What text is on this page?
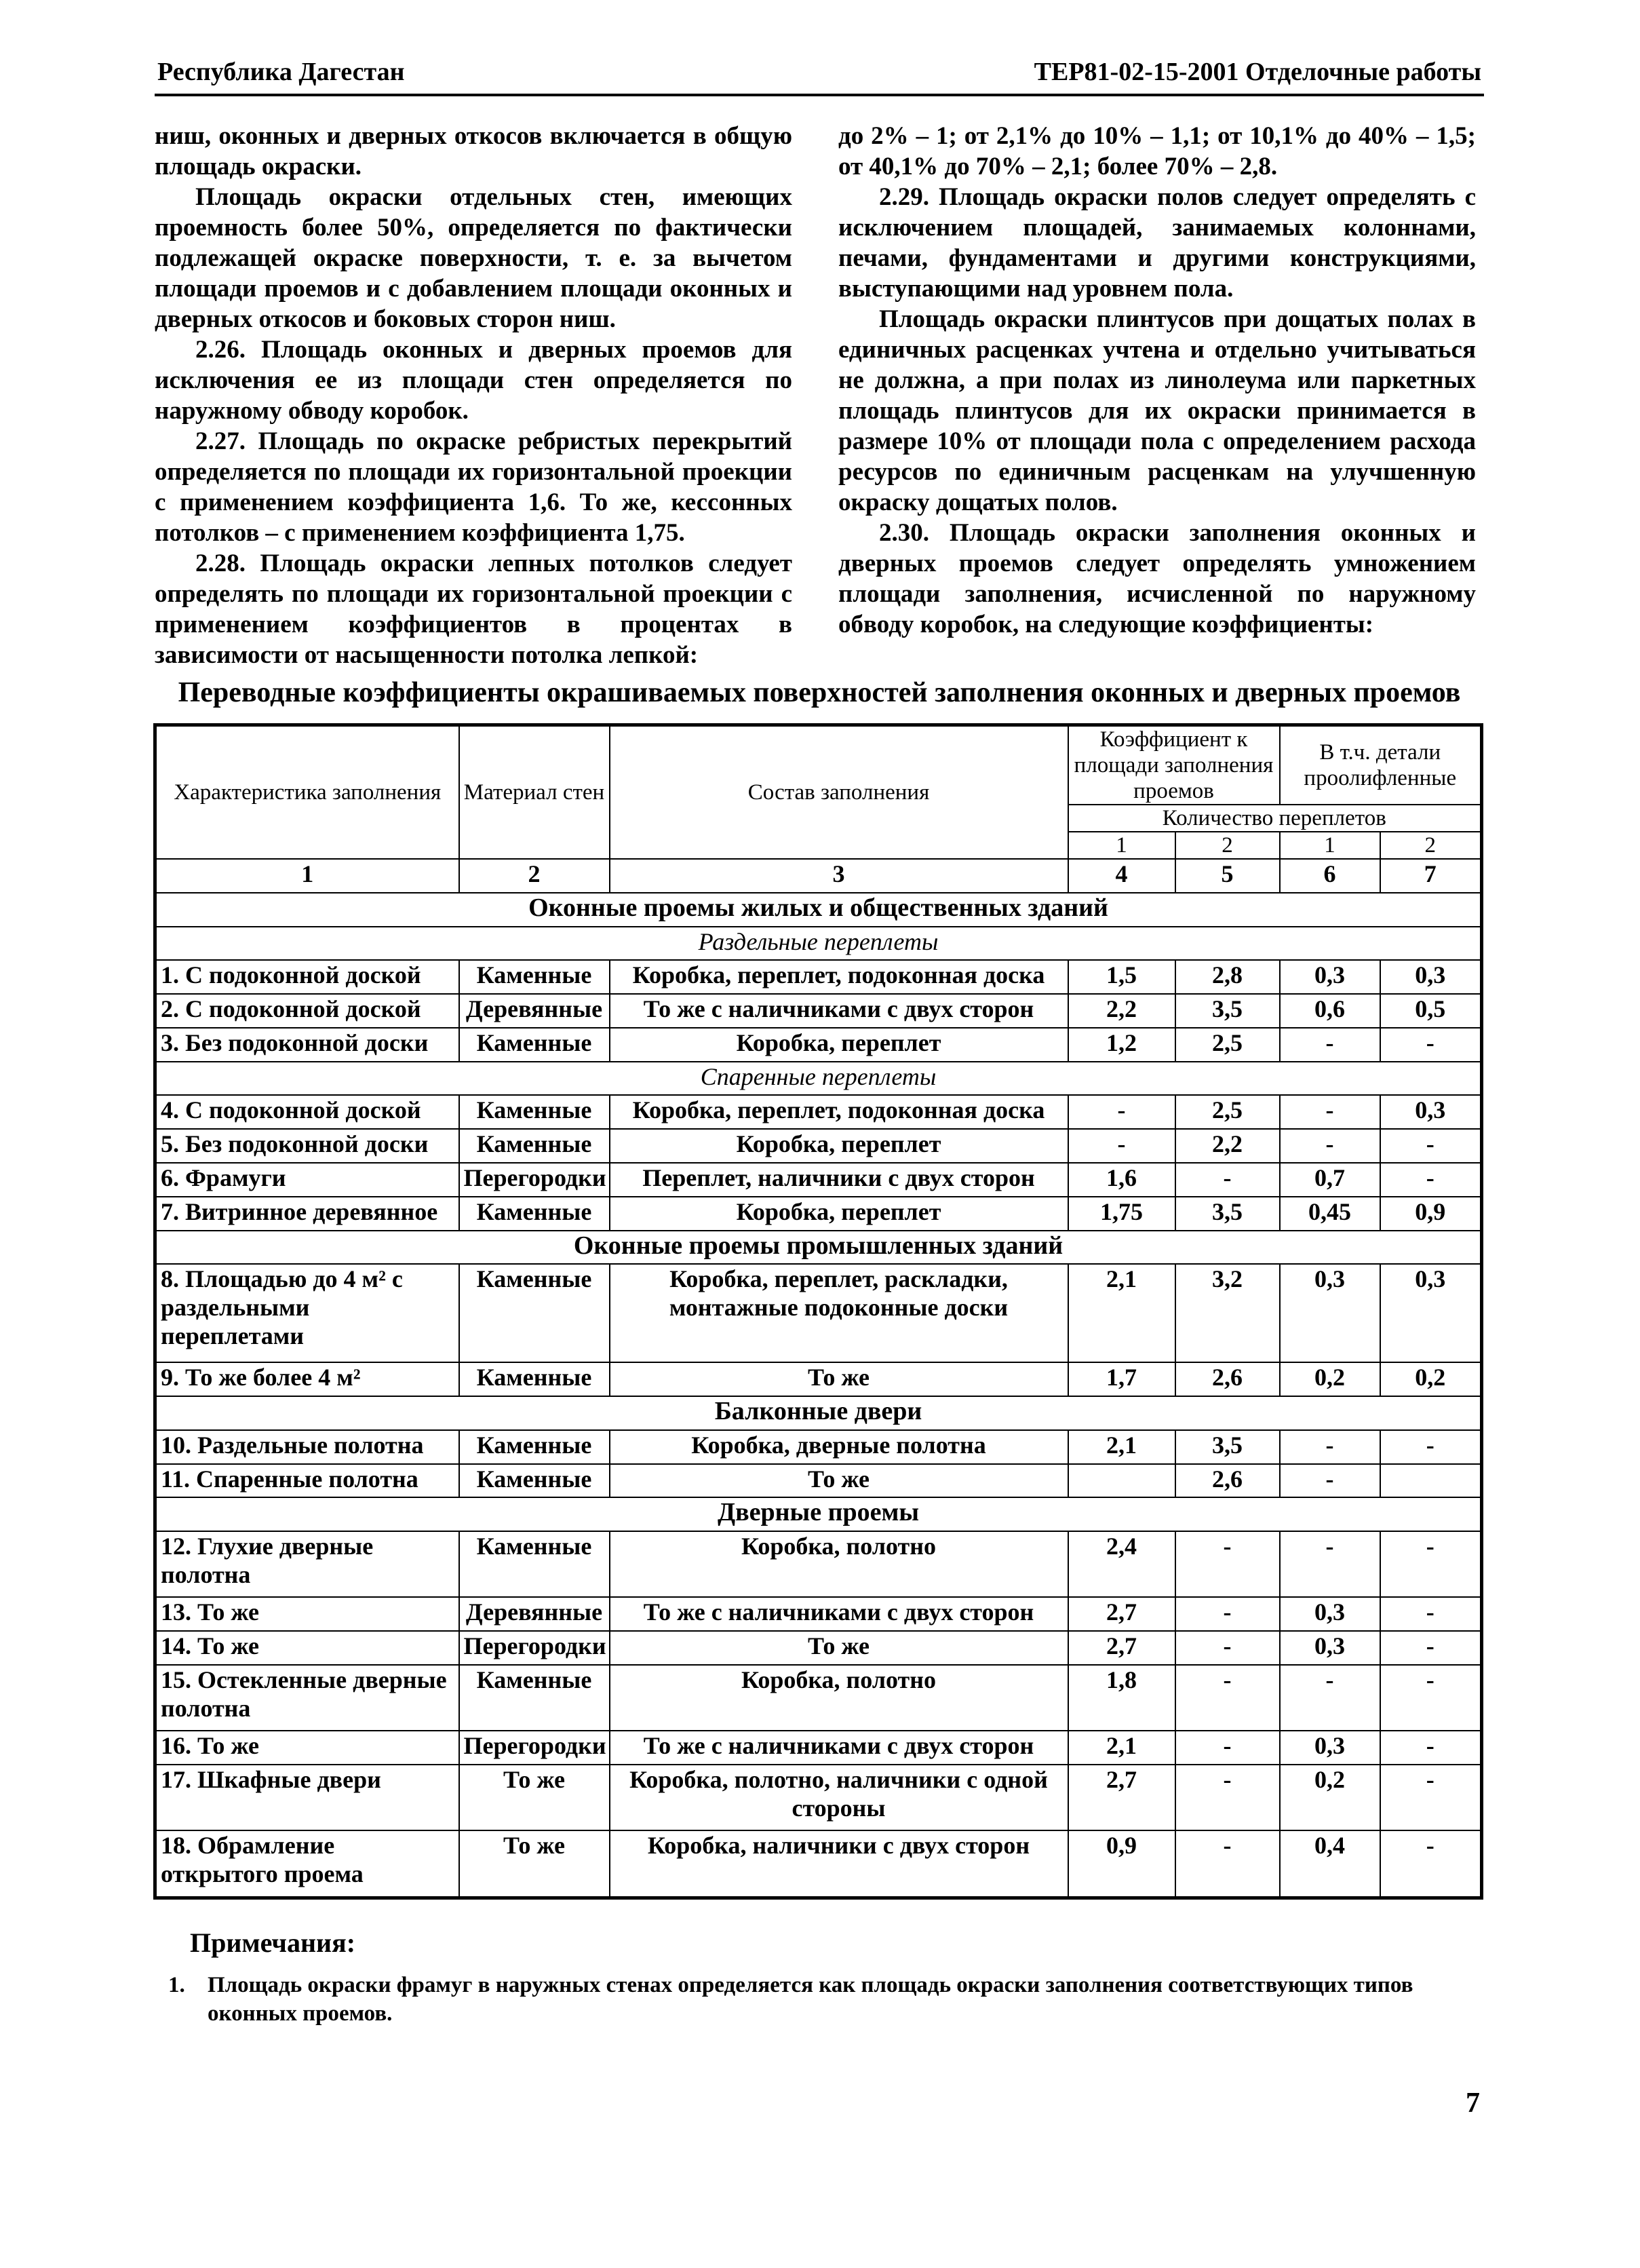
Республика Дагестан	ТЕР81-02-15-2001 Отделочные работы

ниш, оконных и дверных откосов включается в общую площадь окраски.

Площадь окраски отдельных стен, имеющих проемность более 50%, определяется по фактически подлежащей окраске поверхности, т. е. за вычетом площади проемов и с добавлением площади оконных и дверных откосов и боковых сторон ниш.

2.26. Площадь оконных и дверных проемов для исключения ее из площади стен определяется по наружному обводу коробок.

2.27. Площадь по окраске ребристых перекрытий определяется по площади их горизонтальной проекции с применением коэффициента 1,6. То же, кессонных потолков – с применением коэффициента 1,75.

2.28. Площадь окраски лепных потолков следует определять по площади их горизонтальной проекции с применением коэффициентов в процентах в зависимости от насыщенности потолка лепкой:

до 2% – 1; от 2,1% до 10% – 1,1; от 10,1% до 40% – 1,5; от 40,1% до 70% – 2,1; более 70% – 2,8.

2.29. Площадь окраски полов следует определять с исключением площадей, занимаемых колоннами, печами, фундаментами и другими конструкциями, выступающими над уровнем пола.

Площадь окраски плинтусов при дощатых полах в единичных расценках учтена и отдельно учитываться не должна, а при полах из линолеума или паркетных площадь плинтусов для их окраски принимается в размере 10% от площади пола с определением расхода ресурсов по единичным расценкам на улучшенную окраску дощатых полов.

2.30. Площадь окраски заполнения оконных и дверных проемов следует определять умножением площади заполнения, исчисленной по наружному обводу коробок, на следующие коэффициенты:

Переводные коэффициенты окрашиваемых поверхностей заполнения оконных и дверных проемов
Характеристика заполнения	Материал стен	Состав заполнения	Коэффициент к площади заполнения проемов		В т.ч. детали проолифленные	
			Количество переплетов			
			1	2	1	2
1	2	3	4	5	6	7
Оконные проемы жилых и общественных зданий						
Раздельные переплеты						
1. С подоконной доской	Каменные	Коробка, переплет, подоконная доска	1,5	2,8	0,3	0,3
2. С подоконной доской	Деревянные	То же с наличниками с двух сторон	2,2	3,5	0,6	0,5
3. Без подоконной доски	Каменные	Коробка, переплет	1,2	2,5	-	-
Спаренные переплеты						
4. С подоконной доской	Каменные	Коробка, переплет, подоконная доска	-	2,5	-	0,3
5. Без подоконной доски	Каменные	Коробка, переплет	-	2,2	-	-
6. Фрамуги	Перегородки	Переплет, наличники с двух сторон	1,6	-	0,7	-
7. Витринное деревянное	Каменные	Коробка, переплет	1,75	3,5	0,45	0,9
Оконные проемы промышленных зданий						
8. Площадью до 4 м² с раздельными переплетами	Каменные	Коробка, переплет, раскладки, монтажные подоконные доски	2,1	3,2	0,3	0,3
9. То же более 4 м²	Каменные	То же	1,7	2,6	0,2	0,2
Балконные двери						
10. Раздельные полотна	Каменные	Коробка, дверные полотна	2,1	3,5	-	-
11. Спаренные полотна	Каменные	То же		2,6	-	
Дверные проемы						
12. Глухие дверные полотна	Каменные	Коробка, полотно	2,4	-	-	-
13. То же	Деревянные	То же с наличниками с двух сторон	2,7	-	0,3	-
14. То же	Перегородки	То же	2,7	-	0,3	-
15. Остекленные дверные полотна	Каменные	Коробка, полотно	1,8	-	-	-
16. То же	Перегородки	То же с наличниками с двух сторон	2,1	-	0,3	-
17. Шкафные двери	То же	Коробка, полотно, наличники с одной стороны	2,7	-	0,2	-
18. Обрамление открытого проема	То же	Коробка, наличники с двух сторон	0,9	-	0,4	-
Примечания:
1. Площадь окраски фрамуг в наружных стенах определяется как площадь окраски заполнения соответствующих типов оконных проемов.
7
